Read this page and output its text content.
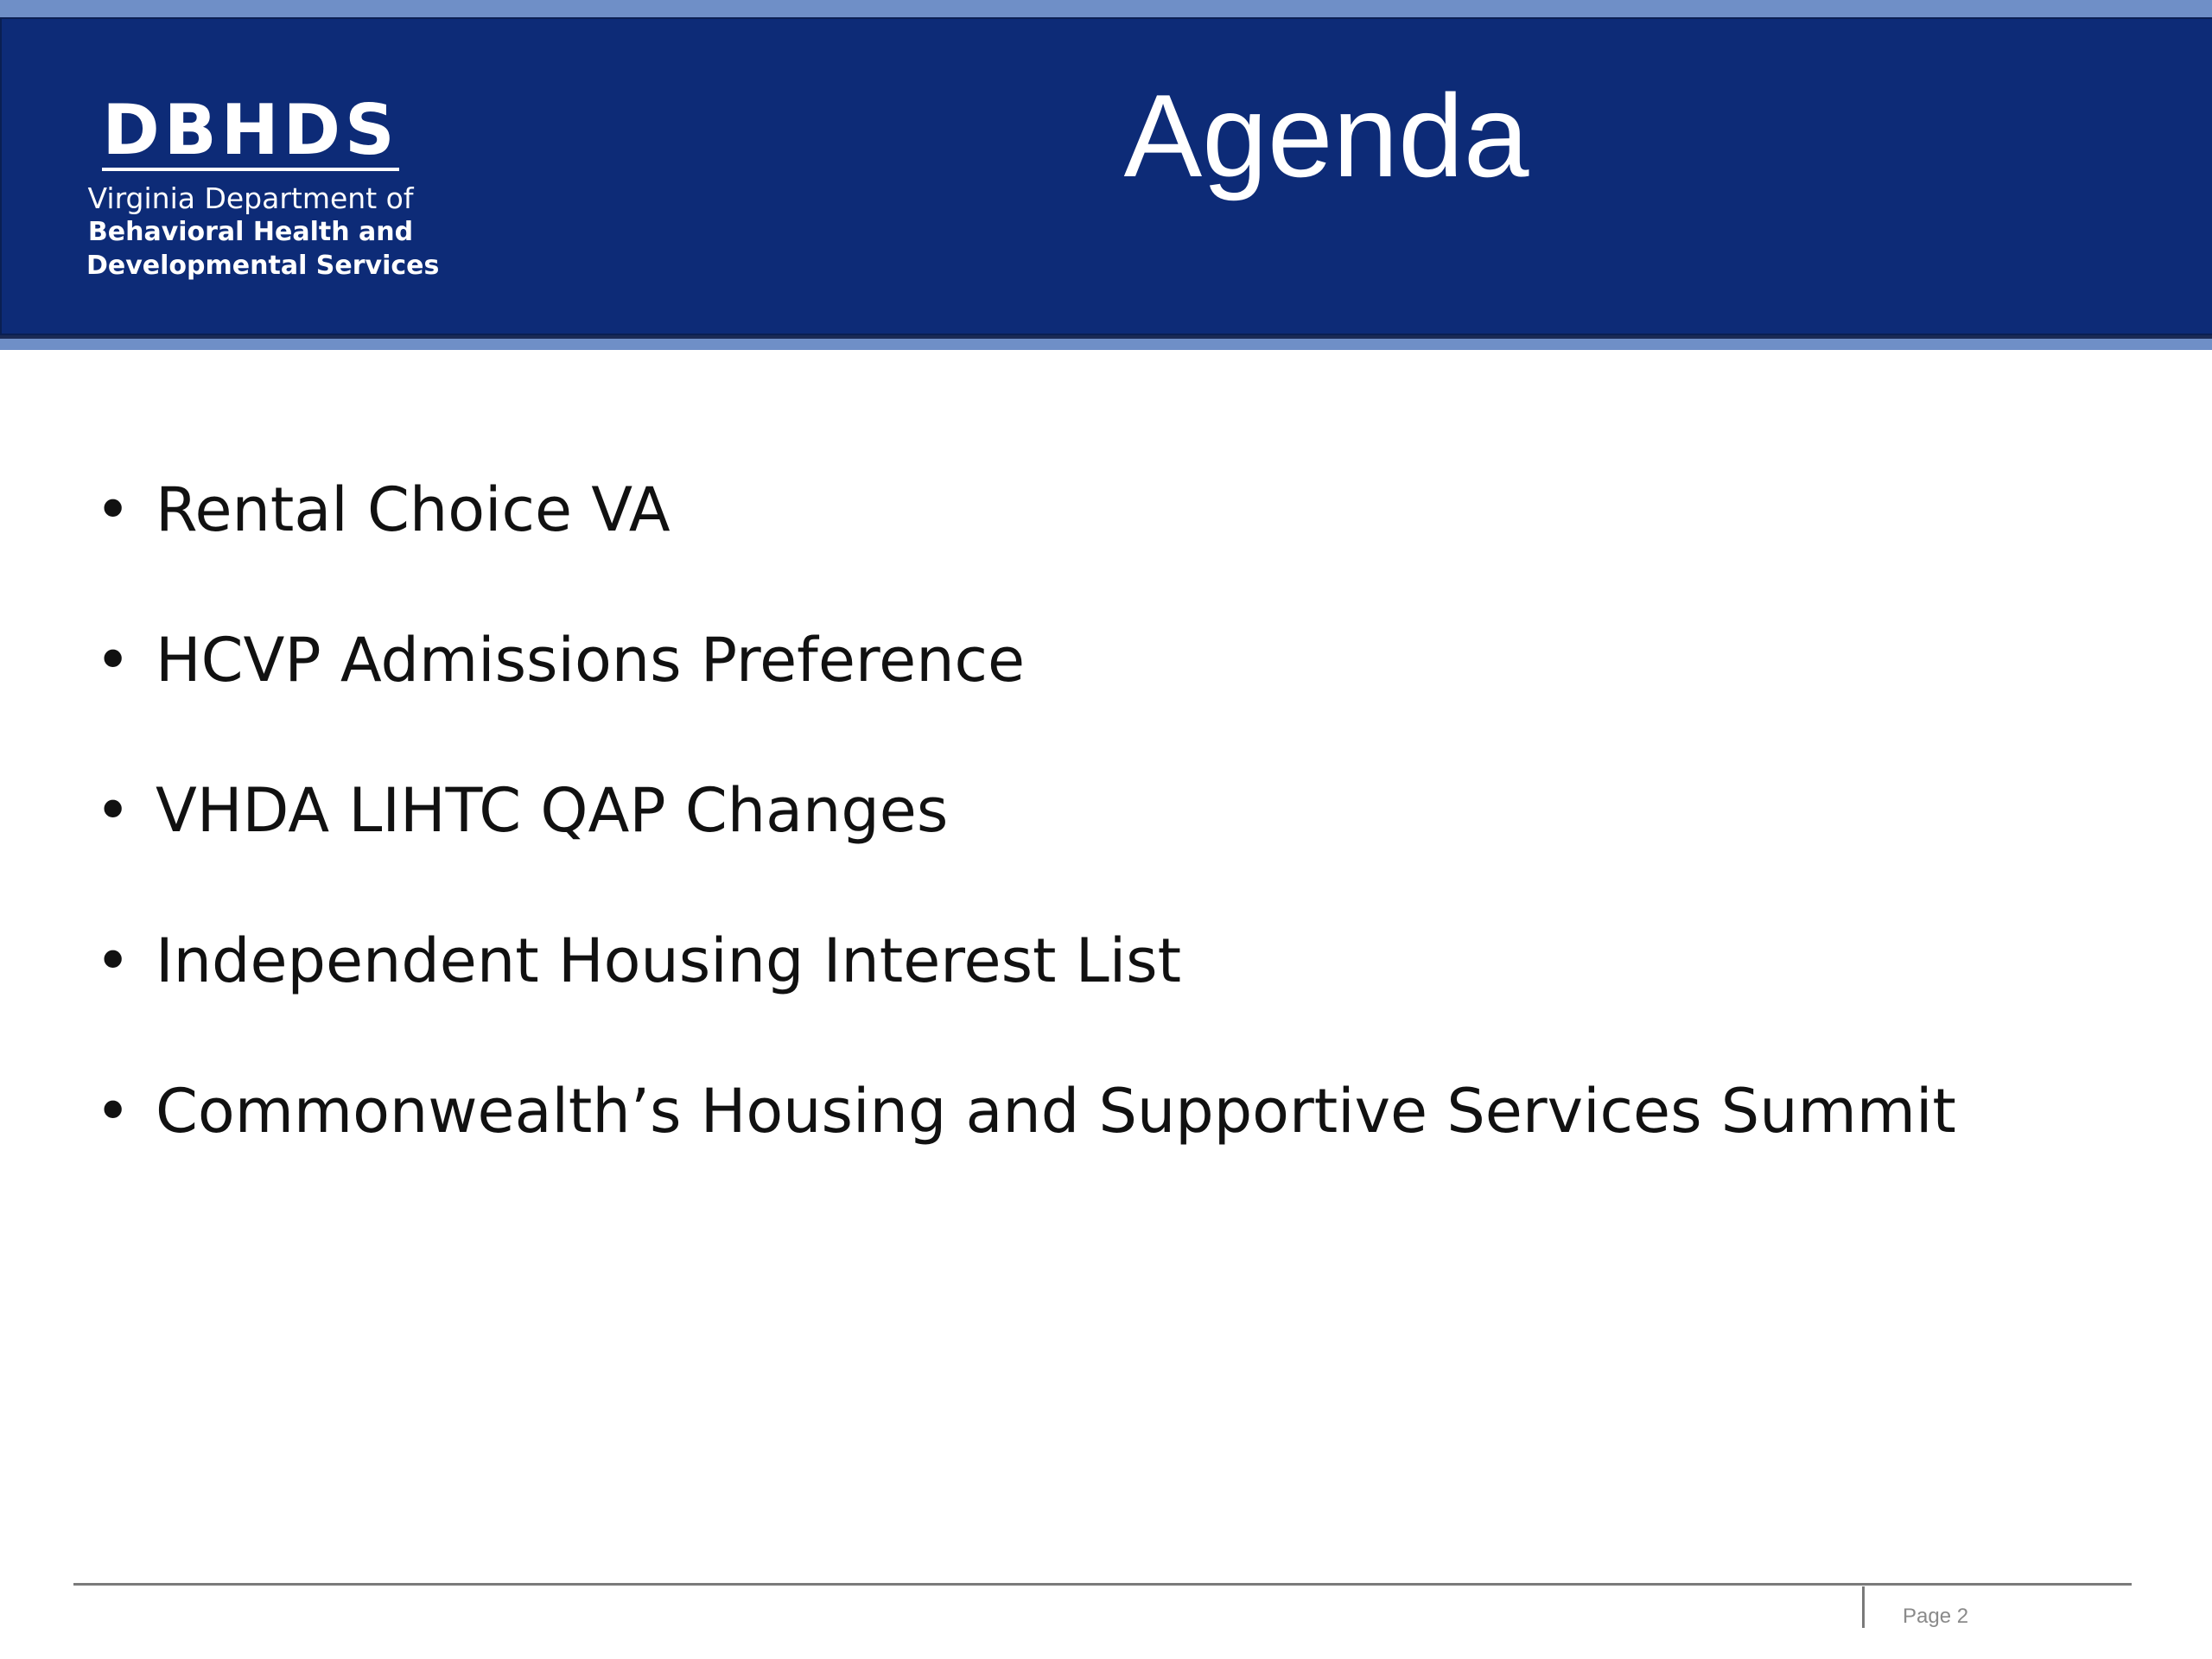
DBHDS
Virginia Department of
Behavioral Health and
Developmental Services
Agenda
• Rental Choice VA
• HCVP Admissions Preference
• VHDA LIHTC QAP Changes
• Independent Housing Interest List
• Commonwealth’s Housing and Supportive Services Summit
Page 2
